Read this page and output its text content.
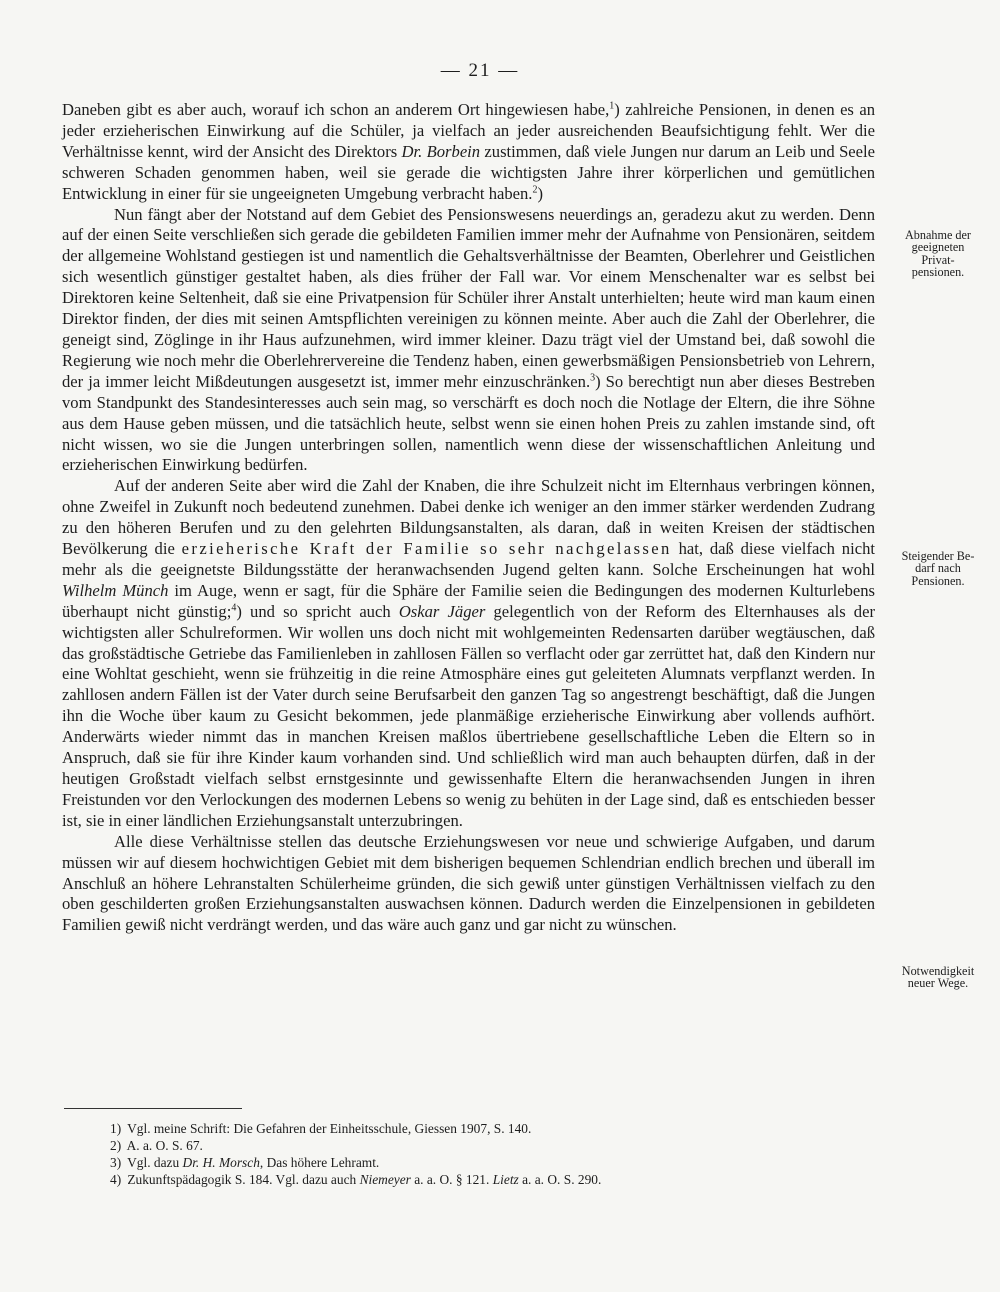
— 21 —

Daneben gibt es aber auch, worauf ich schon an anderem Ort hingewiesen habe,$^1$) zahlreiche Pensionen, in denen es an jeder erzieherischen Einwirkung auf die Schüler, ja vielfach an jeder ausreichenden Beaufsichtigung fehlt. Wer die Verhältnisse kennt, wird der Ansicht des Direktors Dr. Borbein zustimmen, daß viele Jungen nur darum an Leib und Seele schweren Schaden genommen haben, weil sie gerade die wichtigsten Jahre ihrer körperlichen und gemütlichen Entwicklung in einer für sie ungeeigneten Umgebung verbracht haben.$^2$)

Nun fängt aber der Notstand auf dem Gebiet des Pensionswesens neuerdings an, geradezu akut zu werden. Denn auf der einen Seite verschließen sich gerade die gebildeten Familien immer mehr der Aufnahme von Pensionären, seitdem der allgemeine Wohlstand gestiegen ist und namentlich die Gehaltsverhältnisse der Beamten, Oberlehrer und Geistlichen sich wesentlich günstiger gestaltet haben, als dies früher der Fall war. Vor einem Menschenalter war es selbst bei Direktoren keine Seltenheit, daß sie eine Privatpension für Schüler ihrer Anstalt unterhielten; heute wird man kaum einen Direktor finden, der dies mit seinen Amtspflichten vereinigen zu können meinte. Aber auch die Zahl der Oberlehrer, die geneigt sind, Zöglinge in ihr Haus aufzunehmen, wird immer kleiner. Dazu trägt viel der Umstand bei, daß sowohl die Regierung wie noch mehr die Oberlehrervereine die Tendenz haben, einen gewerbsmäßigen Pensionsbetrieb von Lehrern, der ja immer leicht Mißdeutungen ausgesetzt ist, immer mehr einzuschränken.$^3$) So berechtigt nun aber dieses Bestreben vom Standpunkt des Standesinteresses auch sein mag, so verschärft es doch noch die Notlage der Eltern, die ihre Söhne aus dem Hause geben müssen, und die tatsächlich heute, selbst wenn sie einen hohen Preis zu zahlen imstande sind, oft nicht wissen, wo sie die Jungen unterbringen sollen, namentlich wenn diese der wissenschaftlichen Anleitung und erzieherischen Einwirkung bedürfen.

Auf der anderen Seite aber wird die Zahl der Knaben, die ihre Schulzeit nicht im Elternhaus verbringen können, ohne Zweifel in Zukunft noch bedeutend zunehmen. Dabei denke ich weniger an den immer stärker werdenden Zudrang zu den höheren Berufen und zu den gelehrten Bildungsanstalten, als daran, daß in weiten Kreisen der städtischen Bevölkerung die erzieherische Kraft der Familie so sehr nachgelassen hat, daß diese vielfach nicht mehr als die geeignetste Bildungsstätte der heranwachsenden Jugend gelten kann. Solche Erscheinungen hat wohl Wilhelm Münch im Auge, wenn er sagt, für die Sphäre der Familie seien die Bedingungen des modernen Kulturlebens überhaupt nicht günstig;$^4$) und so spricht auch Oskar Jäger gelegentlich von der Reform des Elternhauses als der wichtigsten aller Schulreformen. Wir wollen uns doch nicht mit wohlgemeinten Redensarten darüber wegtäuschen, daß das großstädtische Getriebe das Familienleben in zahllosen Fällen so verflacht oder gar zerrüttet hat, daß den Kindern nur eine Wohltat geschieht, wenn sie frühzeitig in die reine Atmosphäre eines gut geleiteten Alumnats verpflanzt werden. In zahllosen andern Fällen ist der Vater durch seine Berufsarbeit den ganzen Tag so angestrengt beschäftigt, daß die Jungen ihn die Woche über kaum zu Gesicht bekommen, jede planmäßige erzieherische Einwirkung aber vollends aufhört. Anderwärts wieder nimmt das in manchen Kreisen maßlos übertriebene gesellschaftliche Leben die Eltern so in Anspruch, daß sie für ihre Kinder kaum vorhanden sind. Und schließlich wird man auch behaupten dürfen, daß in der heutigen Großstadt vielfach selbst ernstgesinnte und gewissenhafte Eltern die heranwachsenden Jungen in ihren Freistunden vor den Verlockungen des modernen Lebens so wenig zu behüten in der Lage sind, daß es entschieden besser ist, sie in einer ländlichen Erziehungsanstalt unterzubringen.

Alle diese Verhältnisse stellen das deutsche Erziehungswesen vor neue und schwierige Aufgaben, und darum müssen wir auf diesem hochwichtigen Gebiet mit dem bisherigen bequemen Schlendrian endlich brechen und überall im Anschluß an höhere Lehranstalten Schülerheime gründen, die sich gewiß unter günstigen Verhältnissen vielfach zu den oben geschilderten großen Erziehungsanstalten auswachsen können. Dadurch werden die Einzelpensionen in gebildeten Familien gewiß nicht verdrängt werden, und das wäre auch ganz und gar nicht zu wünschen.

Abnahme der
geeigneten
Privat-
pensionen.
Steigender Be-
darf nach
Pensionen.
Notwendigkeit
neuer Wege.
1) Vgl. meine Schrift: Die Gefahren der Einheitsschule, Giessen 1907, S. 140.
2) A. a. O. S. 67.
3) Vgl. dazu Dr. H. Morsch, Das höhere Lehramt.
4) Zukunftspädagogik S. 184. Vgl. dazu auch Niemeyer a. a. O. § 121. Lietz a. a. O. S. 290.
